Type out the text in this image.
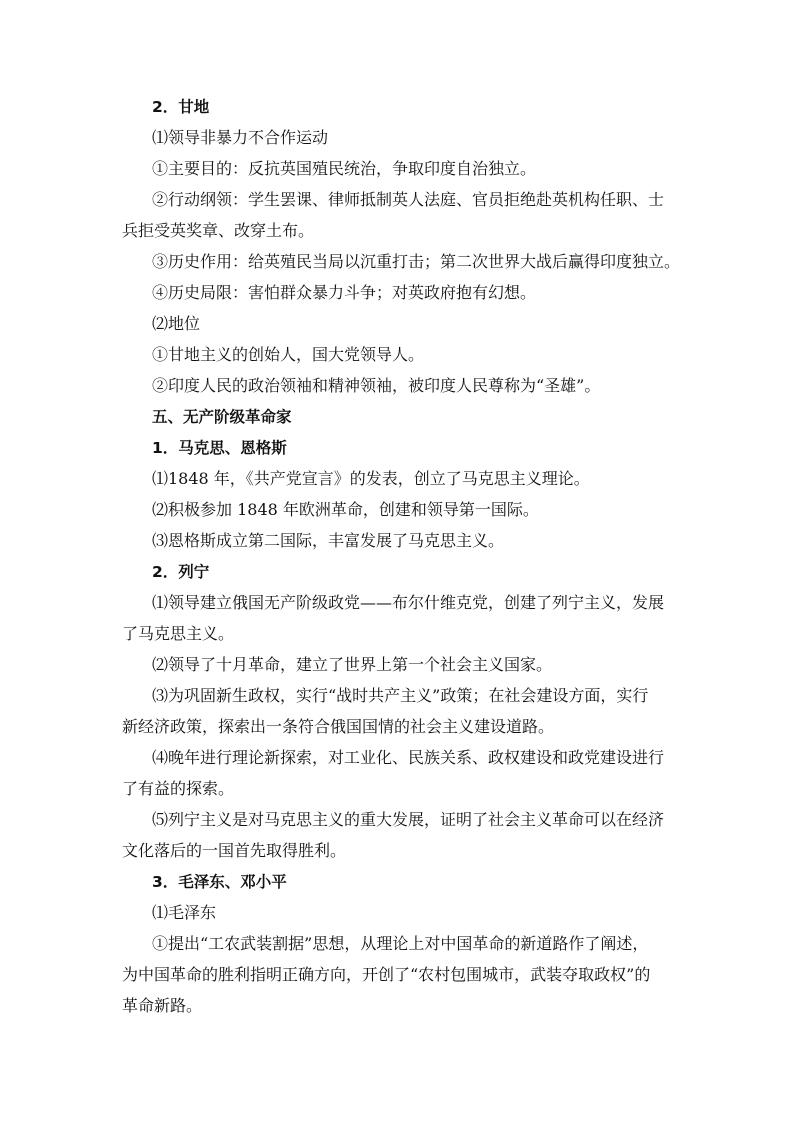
2．甘地
⑴领导非暴力不合作运动
①主要目的：反抗英国殖民统治，争取印度自治独立。
②行动纲领：学生罢课、律师抵制英人法庭、官员拒绝赴英机构任职、士
兵拒受英奖章、改穿土布。
③历史作用：给英殖民当局以沉重打击；第二次世界大战后赢得印度独立。
④历史局限：害怕群众暴力斗争；对英政府抱有幻想。
⑵地位
①甘地主义的创始人，国大党领导人。
②印度人民的政治领袖和精神领袖，被印度人民尊称为“圣雄”。
五、无产阶级革命家
1．马克思、恩格斯
⑴1848 年，《共产党宣言》的发表，创立了马克思主义理论。
⑵积极参加 1848 年欧洲革命，创建和领导第一国际。
⑶恩格斯成立第二国际，丰富发展了马克思主义。
2．列宁
⑴领导建立俄国无产阶级政党——布尔什维克党，创建了列宁主义，发展
了马克思主义。
⑵领导了十月革命，建立了世界上第一个社会主义国家。
⑶为巩固新生政权，实行“战时共产主义”政策；在社会建设方面，实行
新经济政策，探索出一条符合俄国国情的社会主义建设道路。
⑷晚年进行理论新探索，对工业化、民族关系、政权建设和政党建设进行
了有益的探索。
⑸列宁主义是对马克思主义的重大发展，证明了社会主义革命可以在经济
文化落后的一国首先取得胜利。
3．毛泽东、邓小平
⑴毛泽东
①提出“工农武装割据”思想，从理论上对中国革命的新道路作了阐述，
为中国革命的胜利指明正确方向，开创了“农村包围城市，武装夺取政权”的
革命新路。
